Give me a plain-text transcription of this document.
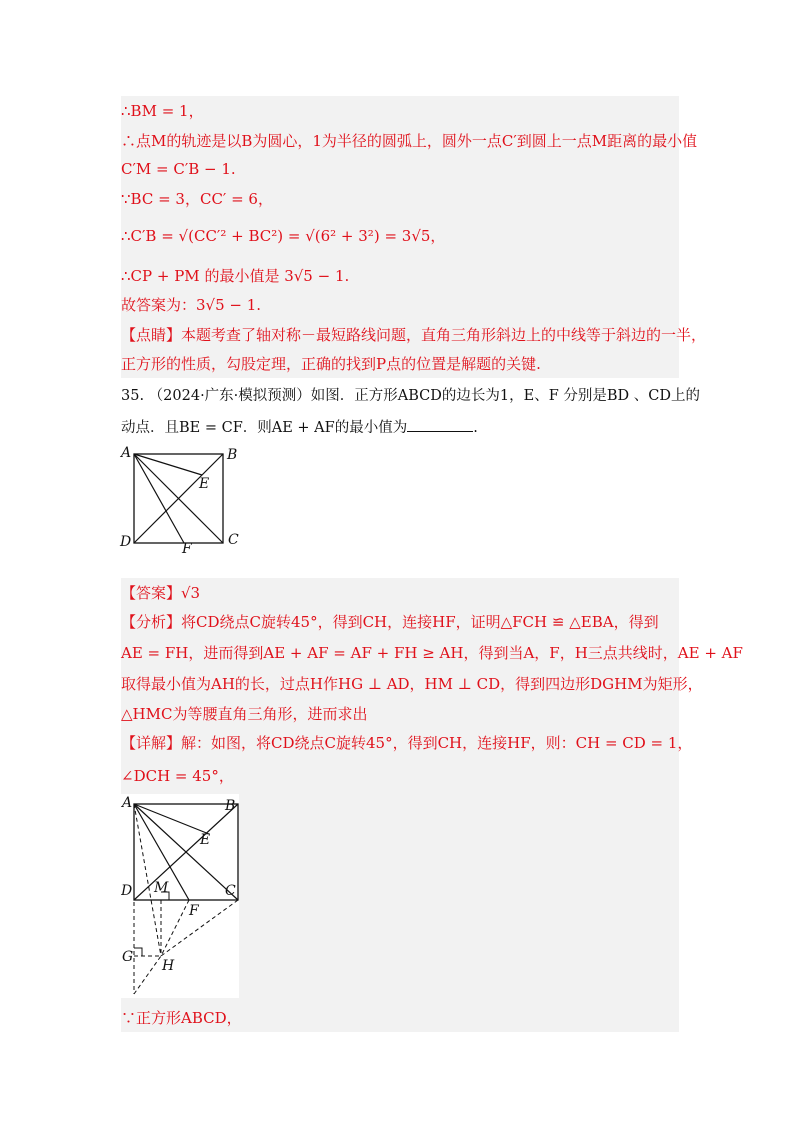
∴BM = 1，
∴点M的轨迹是以B为圆心，1为半径的圆弧上，圆外一点C′到圆上一点M距离的最小值
C′M = C′B − 1.
∵BC = 3，CC′ = 6，
∴C′B = √(CC′² + BC²) = √(6² + 3²) = 3√5，
∴CP + PM 的最小值是 3√5 − 1.
故答案为：3√5 − 1.
【点睛】本题考查了轴对称－最短路线问题，直角三角形斜边上的中线等于斜边的一半，
正方形的性质，勾股定理，正确的找到P点的位置是解题的关键.
35. （2024·广东·模拟预测）如图．正方形ABCD的边长为1，E、F 分别是BD 、CD上的
动点．且BE = CF．则AE + AF的最小值为	.
A	B
C
D
E
F
【答案】√3
【分析】将CD绕点C旋转45°，得到CH，连接HF，证明△FCH ≌ △EBA，得到
AE = FH，进而得到AE + AF = AF + FH ≥ AH，得到当A，F，H三点共线时，AE + AF
取得最小值为AH的长，过点H作HG ⊥ AD，HM ⊥ CD，得到四边形DGHM为矩形，
△HMC为等腰直角三角形，进而求出
【详解】解：如图，将CD绕点C旋转45°，得到CH，连接HF，则：CH = CD = 1，
∠DCH = 45°，
A	B
C
D
E
F
M
G
H
∵正方形ABCD，
